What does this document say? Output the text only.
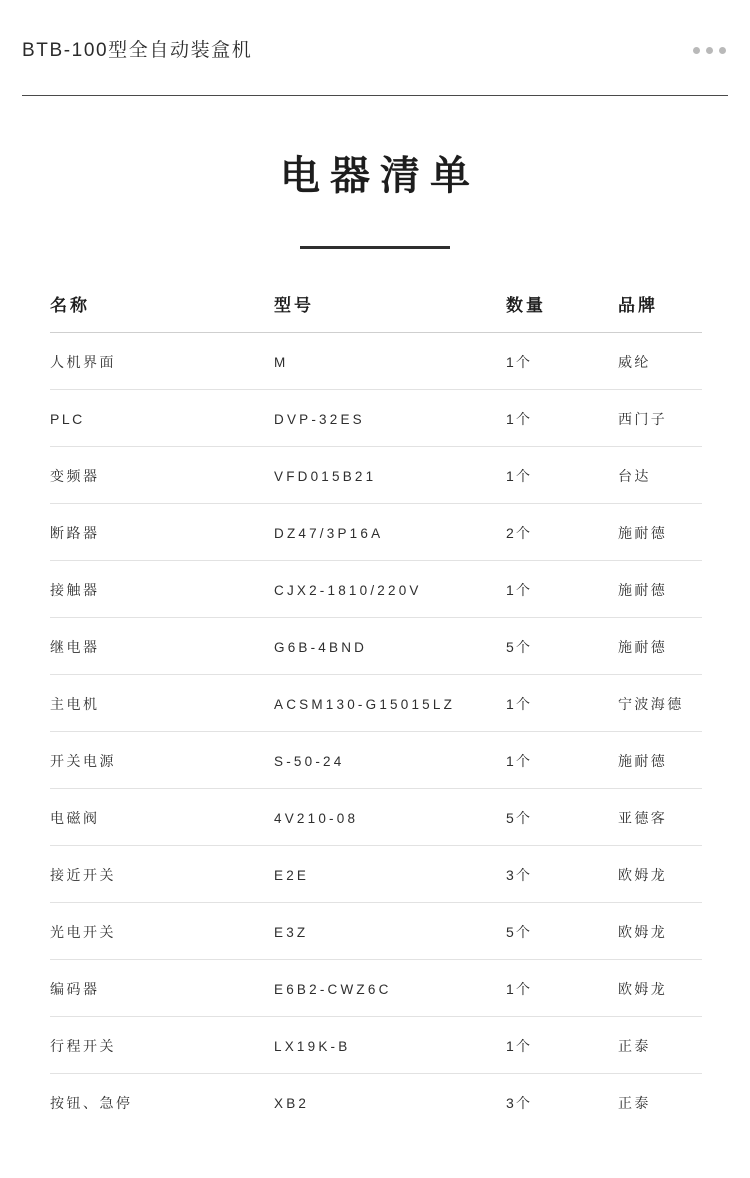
BTB-100型全自动装盒机
电器清单
名称	型号	数量	品牌
人机界面	M	1个	威纶
PLC	DVP-32ES	1个	西门子
变频器	VFD015B21	1个	台达
断路器	DZ47/3P16A	2个	施耐德
接触器	CJX2-1810/220V	1个	施耐德
继电器	G6B-4BND	5个	施耐德
主电机	ACSM130-G15015LZ	1个	宁波海德
开关电源	S-50-24	1个	施耐德
电磁阀	4V210-08	5个	亚德客
接近开关	E2E	3个	欧姆龙
光电开关	E3Z	5个	欧姆龙
编码器	E6B2-CWZ6C	1个	欧姆龙
行程开关	LX19K-B	1个	正泰
按钮、急停	XB2	3个	正泰
